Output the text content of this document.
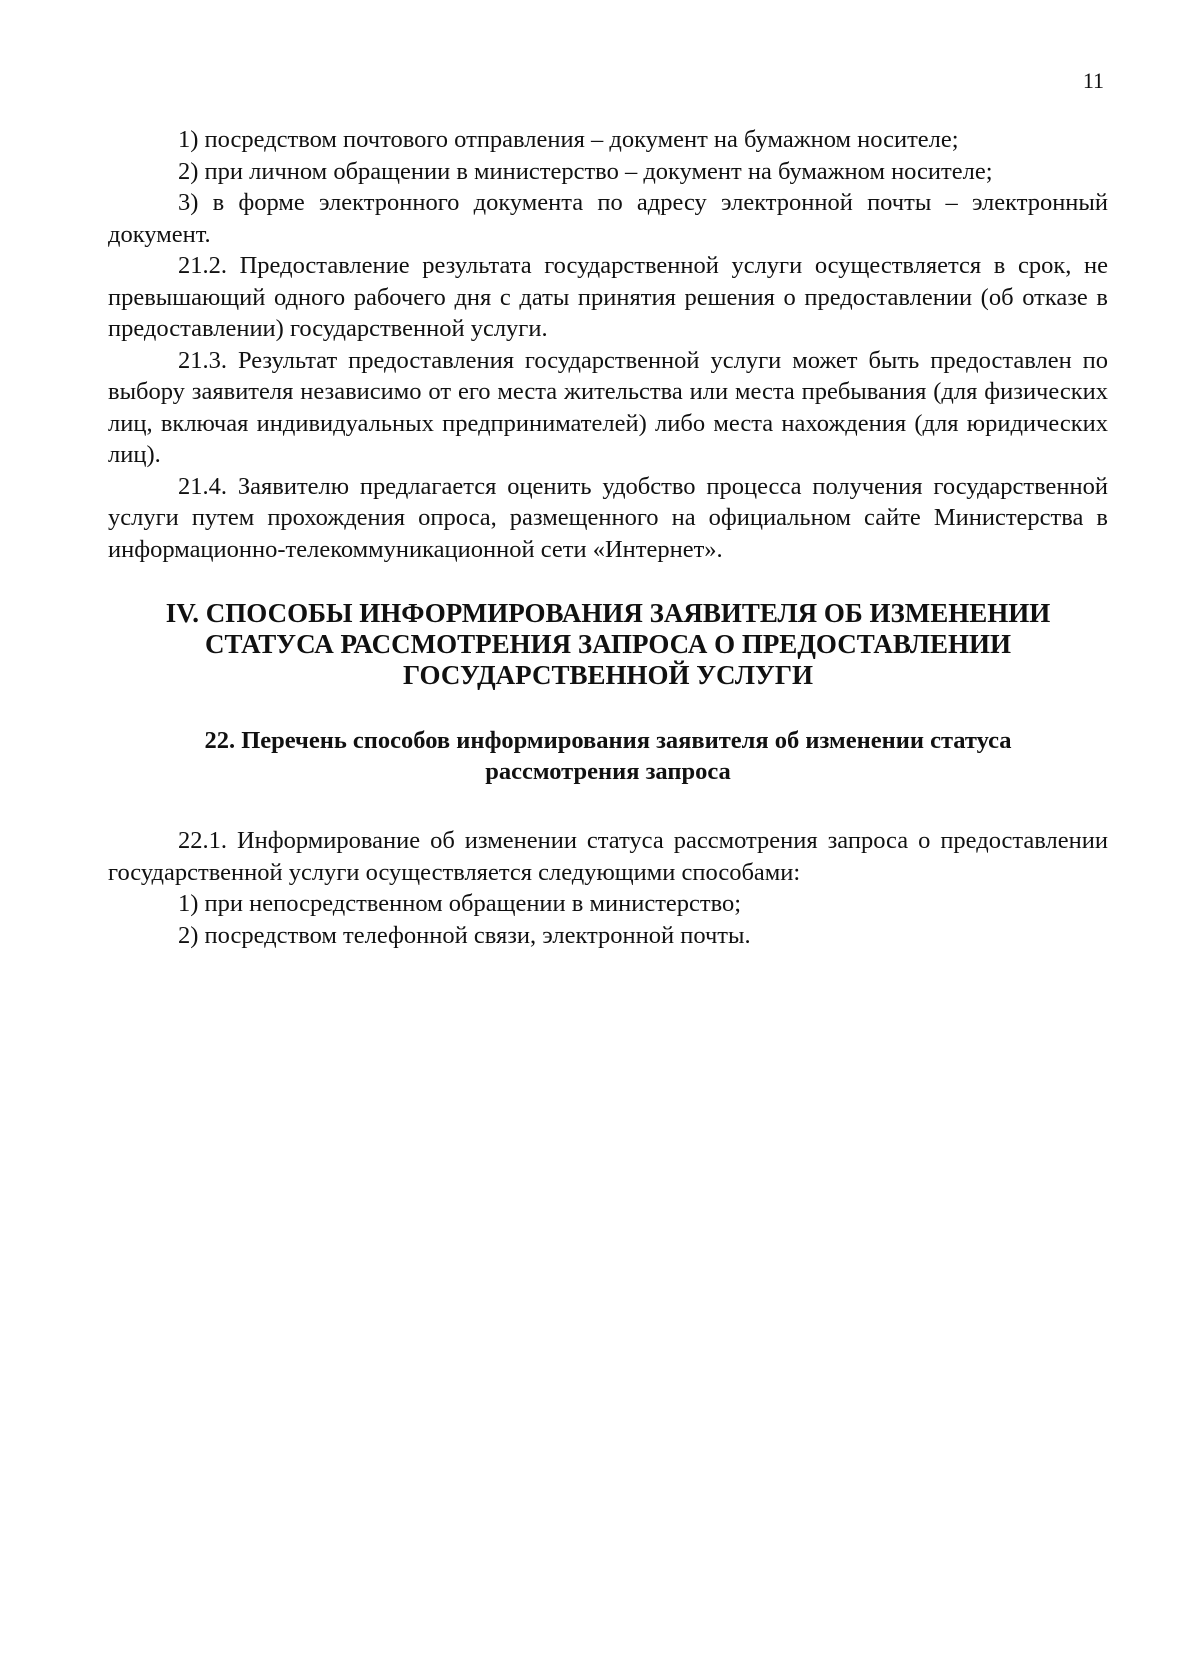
11

1) посредством почтового отправления – документ на бумажном носителе;

2) при личном обращении в министерство – документ на бумажном носителе;

3) в форме электронного документа по адресу электронной почты – электронный документ.

21.2. Предоставление результата государственной услуги осуществляется в срок, не превышающий одного рабочего дня с даты принятия решения о предоставлении (об отказе в предоставлении) государственной услуги.

21.3. Результат предоставления государственной услуги может быть предоставлен по выбору заявителя независимо от его места жительства или места пребывания (для физических лиц, включая индивидуальных предпринимателей) либо места нахождения (для юридических лиц).

21.4. Заявителю предлагается оценить удобство процесса получения государственной услуги путем прохождения опроса, размещенного на официальном сайте Министерства в информационно-телекоммуникационной сети «Интернет».

IV. СПОСОБЫ ИНФОРМИРОВАНИЯ ЗАЯВИТЕЛЯ ОБ ИЗМЕНЕНИИ
СТАТУСА РАССМОТРЕНИЯ ЗАПРОСА О ПРЕДОСТАВЛЕНИИ
ГОСУДАРСТВЕННОЙ УСЛУГИ
22. Перечень способов информирования заявителя об изменении статуса
рассмотрения запроса

22.1. Информирование об изменении статуса рассмотрения запроса о предоставлении государственной услуги осуществляется следующими способами:

1) при непосредственном обращении в министерство;

2) посредством телефонной связи, электронной почты.
